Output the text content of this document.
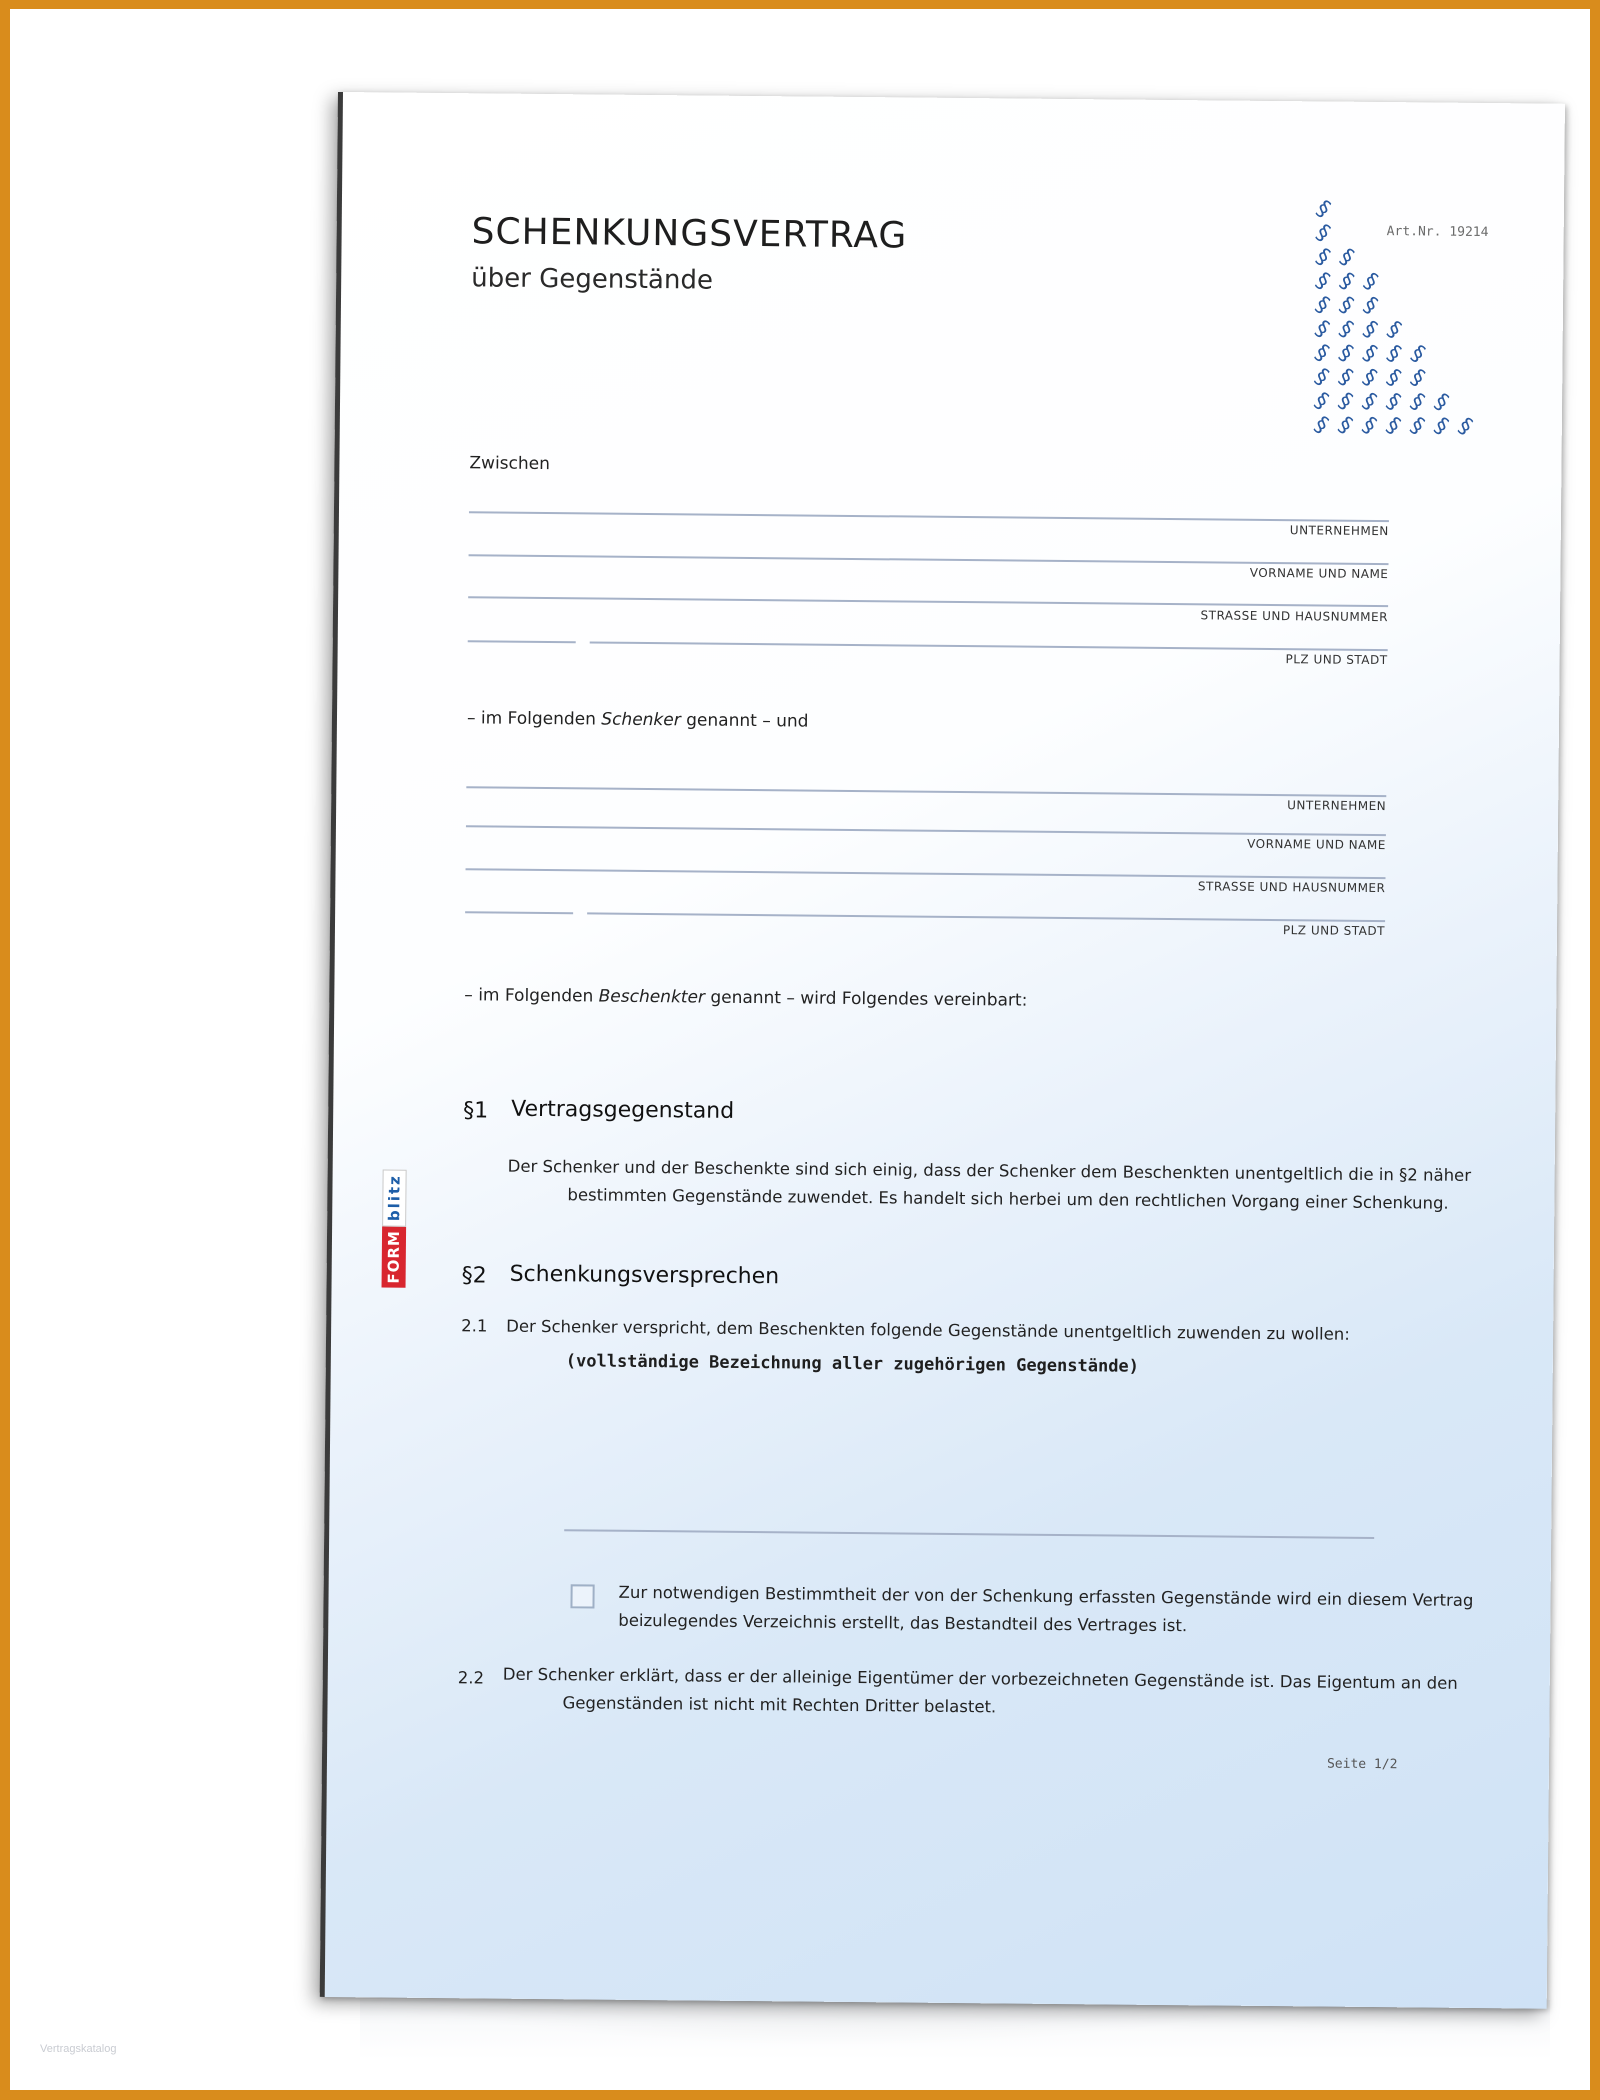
§
§
§ §
§ § §
§ § §
§ § § §
§ § § § §
§ § § § §
§ § § § § §
§ § § § § § §
Art.Nr. 19214
SCHENKUNGSVERTRAG
über Gegenstände
Zwischen
UNTERNEHMEN
VORNAME UND NAME
STRASSE UND HAUSNUMMER
PLZ UND STADT
– im Folgenden Schenker genannt – und
UNTERNEHMEN
VORNAME UND NAME
STRASSE UND HAUSNUMMER
PLZ UND STADT
– im Folgenden Beschenkter genannt – wird Folgendes vereinbart:
§1 Vertragsgegenstand
Der Schenker und der Beschenkte sind sich einig, dass der Schenker dem Beschenkten unentgeltlich die in §2 näher
bestimmten Gegenstände zuwendet. Es handelt sich herbei um den rechtlichen Vorgang einer Schenkung.
§2 Schenkungsversprechen
2.1 Der Schenker verspricht, dem Beschenkten folgende Gegenstände unentgeltlich zuwenden zu wollen:
(vollständige Bezeichnung aller zugehörigen Gegenstände)
Zur notwendigen Bestimmtheit der von der Schenkung erfassten Gegenstände wird ein diesem Vertrag
beizulegendes Verzeichnis erstellt, das Bestandteil des Vertrages ist.
2.2 Der Schenker erklärt, dass er der alleinige Eigentümer der vorbezeichneten Gegenstände ist. Das Eigentum an den
Gegenständen ist nicht mit Rechten Dritter belastet.
Seite 1/2
FORM
blitz
Vertragskatalog
